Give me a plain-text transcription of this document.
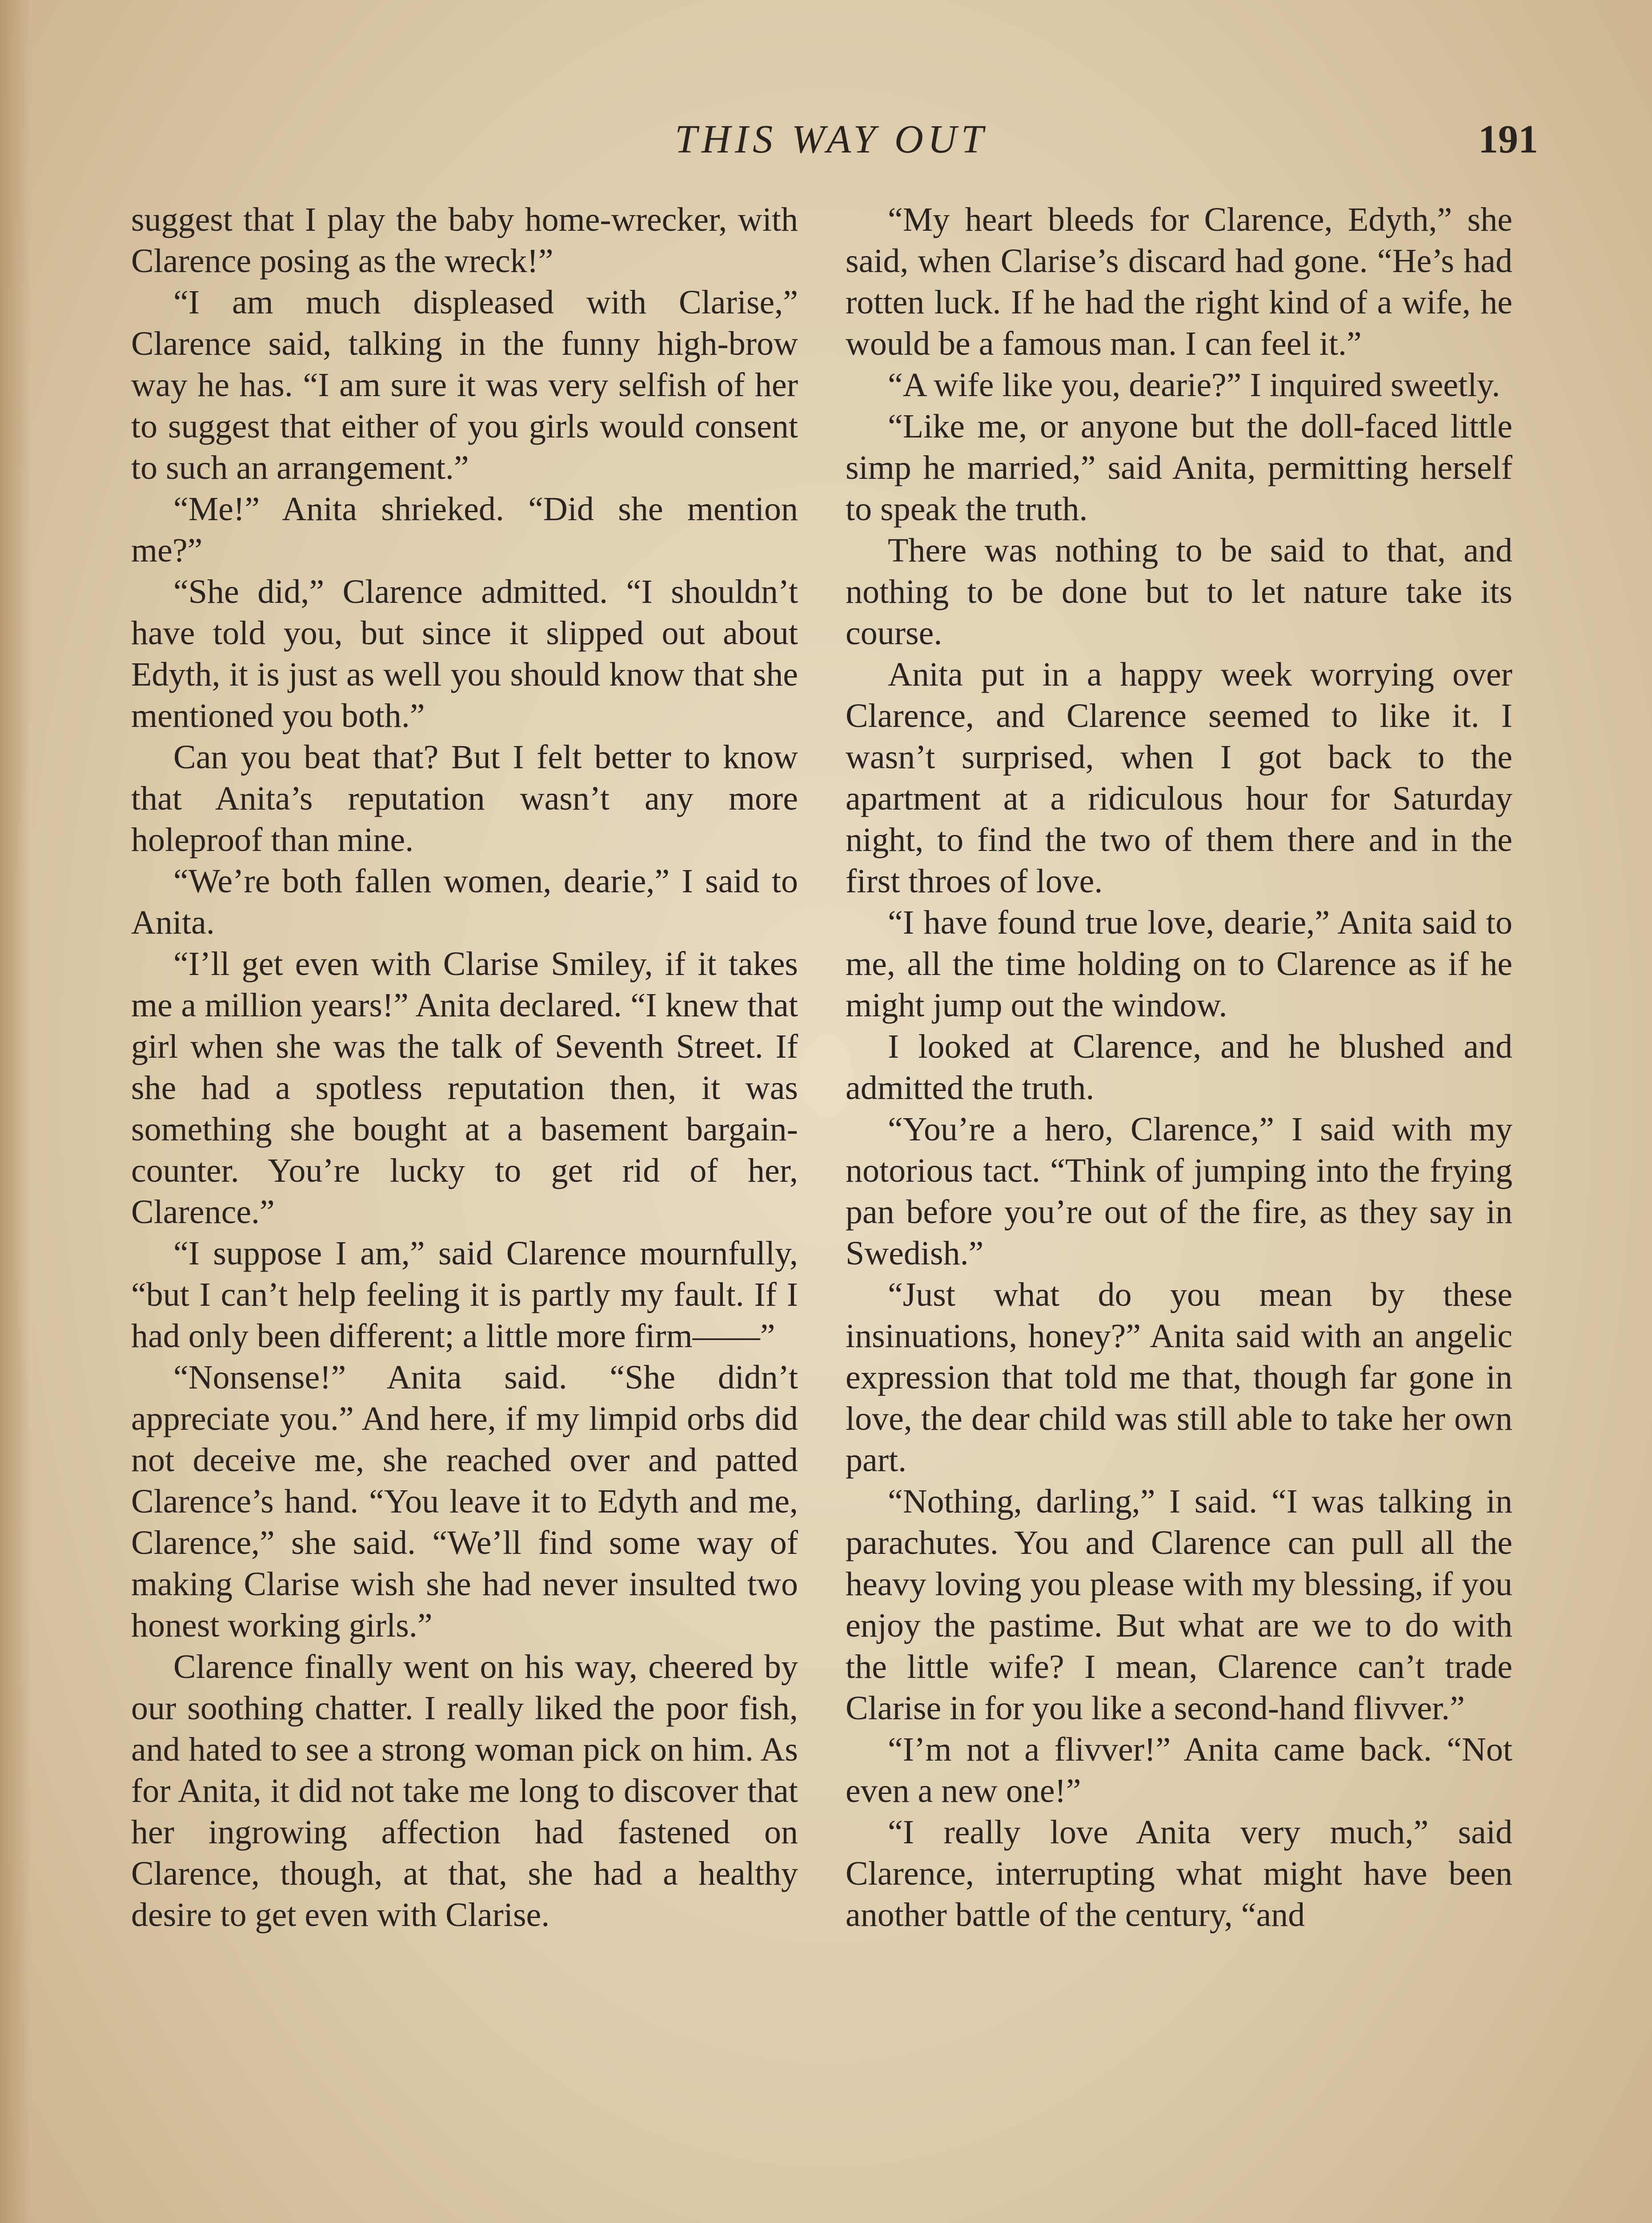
THIS WAY OUT	191

suggest that I play the baby home-wrecker, with Clarence posing as the wreck!”

“I am much displeased with Clarise,” Clarence said, talking in the funny high-brow way he has. “I am sure it was very selfish of her to suggest that either of you girls would consent to such an arrangement.”

“Me!” Anita shrieked. “Did she mention me?”

“She did,” Clarence admitted. “I shouldn’t have told you, but since it slipped out about Edyth, it is just as well you should know that she mentioned you both.”

Can you beat that? But I felt better to know that Anita’s reputation wasn’t any more holeproof than mine.

“We’re both fallen women, dearie,” I said to Anita.

“I’ll get even with Clarise Smiley, if it takes me a million years!” Anita declared. “I knew that girl when she was the talk of Seventh Street. If she had a spotless reputation then, it was something she bought at a basement bargain-counter. You’re lucky to get rid of her, Clarence.”

“I suppose I am,” said Clarence mournfully, “but I can’t help feeling it is partly my fault. If I had only been different; a little more firm——”

“Nonsense!” Anita said. “She didn’t appreciate you.” And here, if my limpid orbs did not deceive me, she reached over and patted Clarence’s hand. “You leave it to Edyth and me, Clarence,” she said. “We’ll find some way of making Clarise wish she had never insulted two honest working girls.”

Clarence finally went on his way, cheered by our soothing chatter. I really liked the poor fish, and hated to see a strong woman pick on him. As for Anita, it did not take me long to discover that her ingrowing affection had fastened on Clarence, though, at that, she had a healthy desire to get even with Clarise.

“My heart bleeds for Clarence, Edyth,” she said, when Clarise’s discard had gone. “He’s had rotten luck. If he had the right kind of a wife, he would be a famous man. I can feel it.”

“A wife like you, dearie?” I inquired sweetly.

“Like me, or anyone but the doll-faced little simp he married,” said Anita, permitting herself to speak the truth.

There was nothing to be said to that, and nothing to be done but to let nature take its course.

Anita put in a happy week worrying over Clarence, and Clarence seemed to like it. I wasn’t surprised, when I got back to the apartment at a ridiculous hour for Saturday night, to find the two of them there and in the first throes of love.

“I have found true love, dearie,” Anita said to me, all the time holding on to Clarence as if he might jump out the window.

I looked at Clarence, and he blushed and admitted the truth.

“You’re a hero, Clarence,” I said with my notorious tact. “Think of jumping into the frying pan before you’re out of the fire, as they say in Swedish.”

“Just what do you mean by these insinuations, honey?” Anita said with an angelic expression that told me that, though far gone in love, the dear child was still able to take her own part.

“Nothing, darling,” I said. “I was talking in parachutes. You and Clarence can pull all the heavy loving you please with my blessing, if you enjoy the pastime. But what are we to do with the little wife? I mean, Clarence can’t trade Clarise in for you like a second-hand flivver.”

“I’m not a flivver!” Anita came back. “Not even a new one!”

“I really love Anita very much,” said Clarence, interrupting what might have been another battle of the century, “and
